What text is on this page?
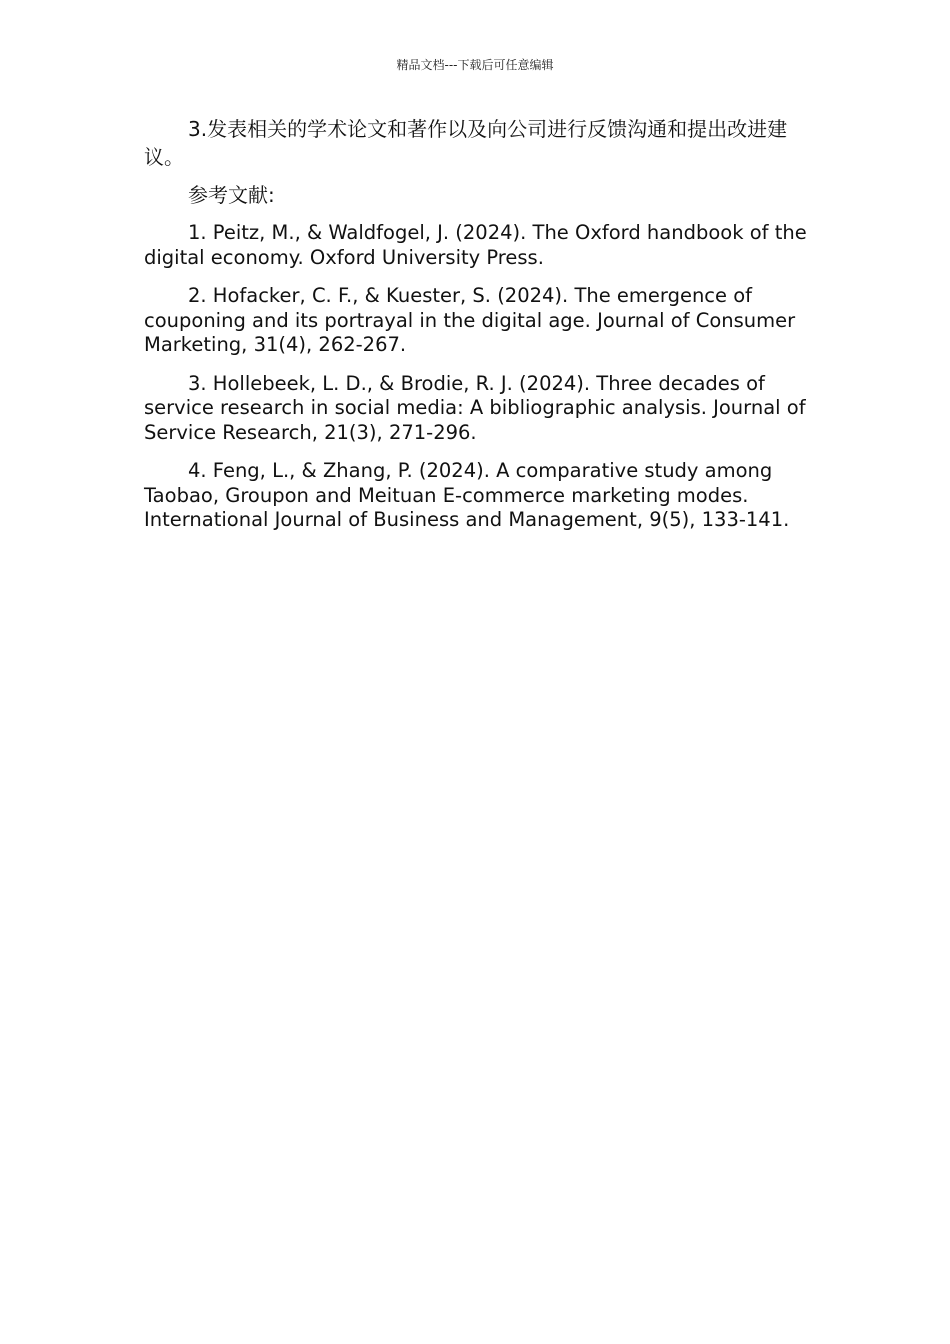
精品文档---下载后可任意编辑

3.发表相关的学术论文和著作以及向公司进行反馈沟通和提出改进建议。

参考文献:

1. Peitz, M., & Waldfogel, J. (2024). The Oxford handbook of the digital economy. Oxford University Press.

2. Hofacker, C. F., & Kuester, S. (2024). The emergence of couponing and its portrayal in the digital age. Journal of Consumer Marketing, 31(4), 262-267.

3. Hollebeek, L. D., & Brodie, R. J. (2024). Three decades of service research in social media: A bibliographic analysis. Journal of Service Research, 21(3), 271-296.

4. Feng, L., & Zhang, P. (2024). A comparative study among Taobao, Groupon and Meituan E-commerce marketing modes. International Journal of Business and Management, 9(5), 133-141.
